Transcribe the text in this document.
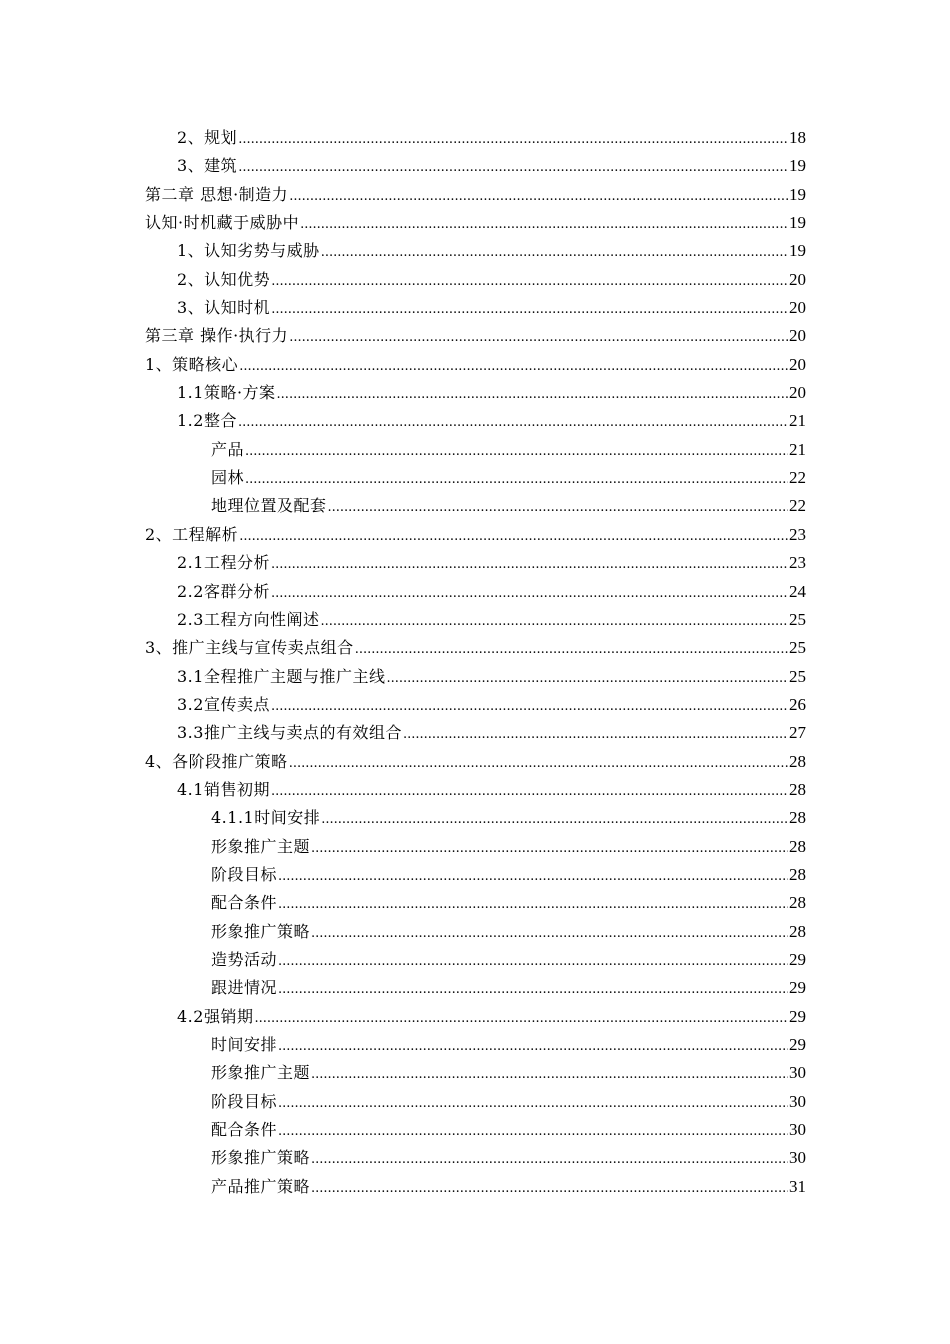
2、规划 .....	18
3、建筑 .....	19
第二章 思想·制造力 .....	19
认知·时机藏于威胁中 .....	19
1、认知劣势与威胁 .....	19
2、认知优势 .....	20
3、认知时机 .....	20
第三章 操作·执行力 .....	20
1、策略核心 .....	20
1.1策略·方案 .....	20
1.2整合 .....	21
产品 .....	21
园林 .....	22
地理位置及配套 .....	22
2、工程解析 .....	23
2.1工程分析 .....	23
2.2客群分析 .....	24
2.3工程方向性阐述 .....	25
3、推广主线与宣传卖点组合 .....	25
3.1全程推广主题与推广主线 .....	25
3.2宣传卖点 .....	26
3.3推广主线与卖点的有效组合 .....	27
4、各阶段推广策略 .....	28
4.1销售初期 .....	28
4.1.1时间安排 .....	28
形象推广主题 .....	28
阶段目标 .....	28
配合条件 .....	28
形象推广策略 .....	28
造势活动 .....	29
跟进情况 .....	29
4.2强销期 .....	29
时间安排 .....	29
形象推广主题 .....	30
阶段目标 .....	30
配合条件 .....	30
形象推广策略 .....	30
产品推广策略 .....	31
